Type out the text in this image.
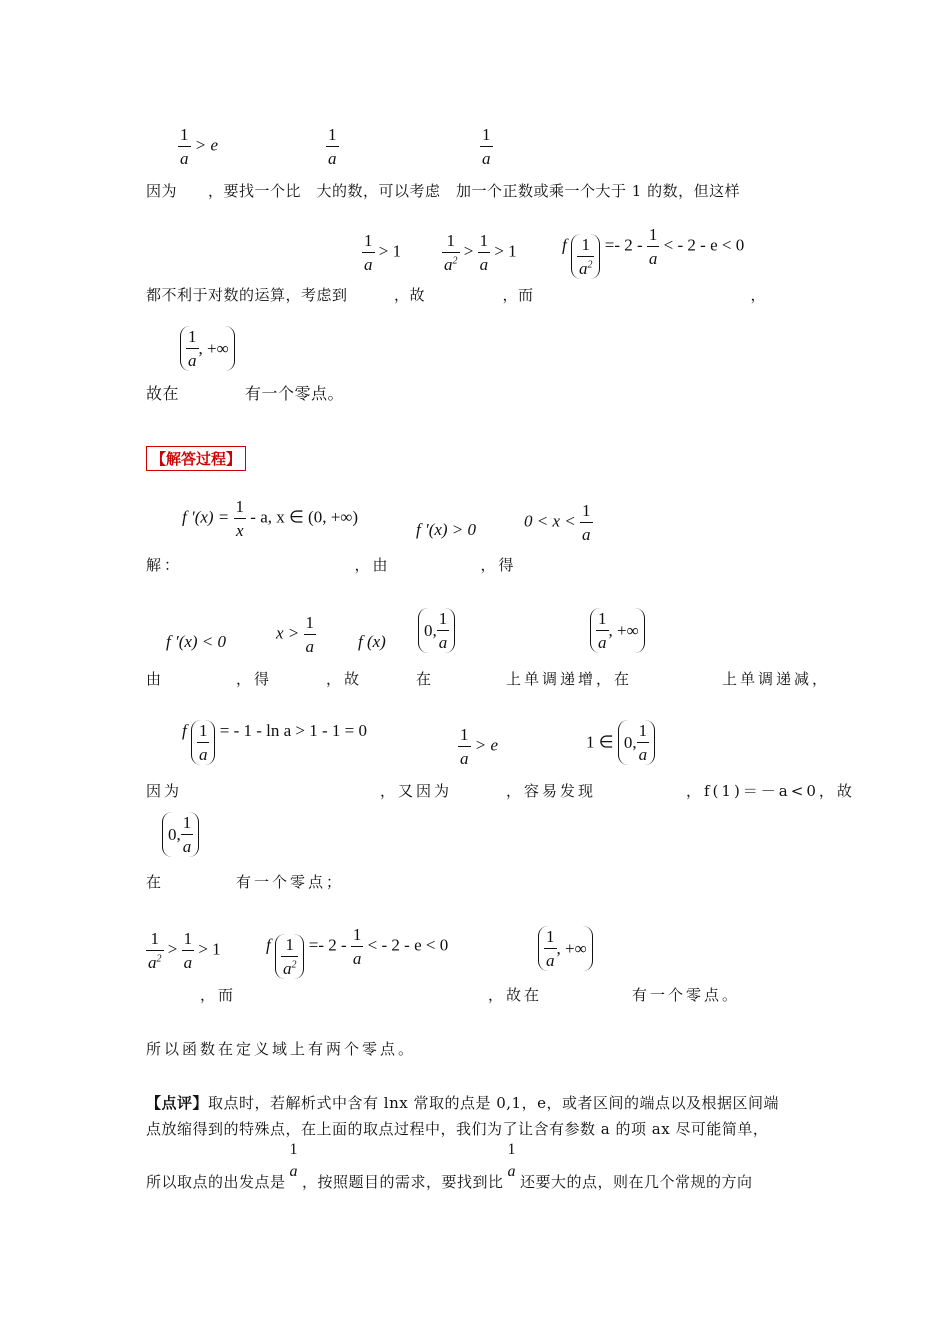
$\frac{1}{a} > e$	$\frac{1}{a}$	$\frac{1}{a}$
因为　　，要找一个比　大的数，可以考虑　加一个正数或乘一个大于 1 的数，但这样
$\frac{1}{a} > 1 \frac{1}{a^2} > \frac{1}{a} > 1$	f $\frac{1}{a^2} =- 2 - \frac{1}{a}$ < - 2 - e < 0
都不利于对数的运算，考虑到　　　，故　　　　　，而　　　　　　　　　　　　　　，
$\frac{1}{a}$ , +∞
故在　　　　有一个零点。
【解答过程】
f $'(x) = \frac{1}{x} - a$, x ∈ (0, +∞)
f ′(x) > 0	$0 < x < \frac{1}{a}$
解：　　　　　　　　　　，由　　　　　，得
f ′(x) < 0	$x > \frac{1}{a}$ f (x)
0, $\frac{1}{a}$	$\frac{1}{a}$ , +∞
由　　　　，得　　　，故　　　在　　　　上单调递增，在　　　　　上单调递减，
f $\frac{1}{a}$ = - 1 - ln a > 1 - 1 = 0	$\frac{1}{a} > e$	1 ∈ 0, $\frac{1}{a}$
因为　　　　　　　　　　　，又因为　　　，容易发现　　　　　，f(1)＝－a<0，故
0, $\frac{1}{a}$
在　　　　有一个零点；
$\frac{1}{a^2} > \frac{1}{a} > 1$	f $\frac{1}{a^2} =- 2 - \frac{1}{a}$ < - 2 - e < 0	$\frac{1}{a}$ , +∞
　　　，而　　　　　　　　　　　　　　，故在　　　　　有一个零点。
所以函数在定义域上有两个零点。
【点评】取点时，若解析式中含有 lnx 常取的点是 0,1，e，或者区间的端点以及根据区间端
点放缩得到的特殊点，在上面的取点过程中，我们为了让含有参数 a 的项 ax 尽可能简单，
所以取点的出发点是
1
a
，按照题目的需求，要找到比
1
a
还要大的点，则在几个常规的方向
